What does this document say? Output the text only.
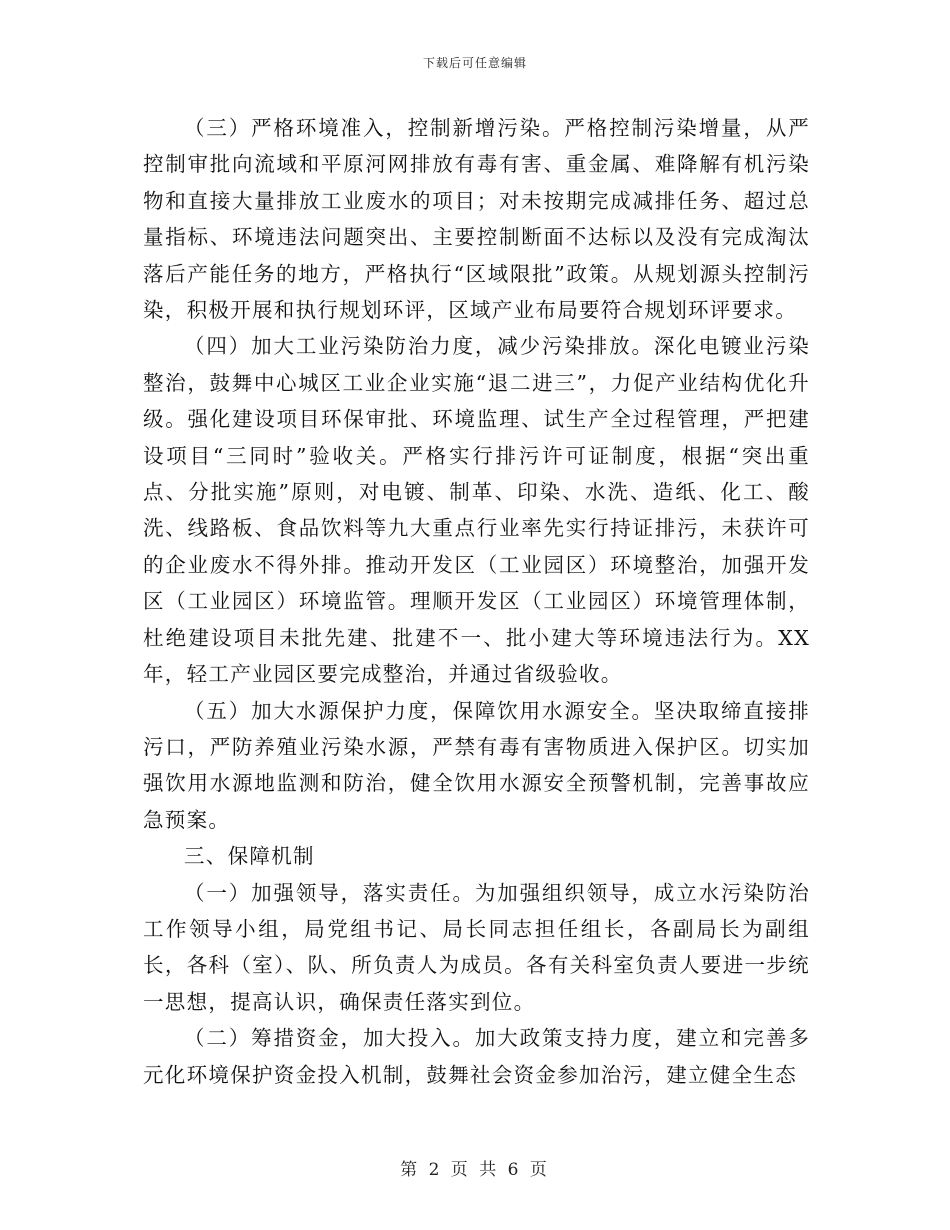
下载后可任意编辑

（三）严格环境准入，控制新增污染。严格控制污染增量，从严控制审批向流域和平原河网排放有毒有害、重金属、难降解有机污染物和直接大量排放工业废水的项目；对未按期完成减排任务、超过总量指标、环境违法问题突出、主要控制断面不达标以及没有完成淘汰落后产能任务的地方，严格执行“区域限批”政策。从规划源头控制污染，积极开展和执行规划环评，区域产业布局要符合规划环评要求。

（四）加大工业污染防治力度，减少污染排放。深化电镀业污染整治，鼓舞中心城区工业企业实施“退二进三”，力促产业结构优化升级。强化建设项目环保审批、环境监理、试生产全过程管理，严把建设项目“三同时”验收关。严格实行排污许可证制度，根据“突出重点、分批实施”原则，对电镀、制革、印染、水洗、造纸、化工、酸洗、线路板、食品饮料等九大重点行业率先实行持证排污，未获许可的企业废水不得外排。推动开发区（工业园区）环境整治，加强开发区（工业园区）环境监管。理顺开发区（工业园区）环境管理体制，杜绝建设项目未批先建、批建不一、批小建大等环境违法行为。XX年，轻工产业园区要完成整治，并通过省级验收。

（五）加大水源保护力度，保障饮用水源安全。坚决取缔直接排污口，严防养殖业污染水源，严禁有毒有害物质进入保护区。切实加强饮用水源地监测和防治，健全饮用水源安全预警机制，完善事故应急预案。

三、保障机制

（一）加强领导，落实责任。为加强组织领导，成立水污染防治工作领导小组，局党组书记、局长同志担任组长，各副局长为副组长，各科（室）、队、所负责人为成员。各有关科室负责人要进一步统一思想，提高认识，确保责任落实到位。

（二）筹措资金，加大投入。加大政策支持力度，建立和完善多元化环境保护资金投入机制，鼓舞社会资金参加治污，建立健全生态

第 2 页 共 6 页
